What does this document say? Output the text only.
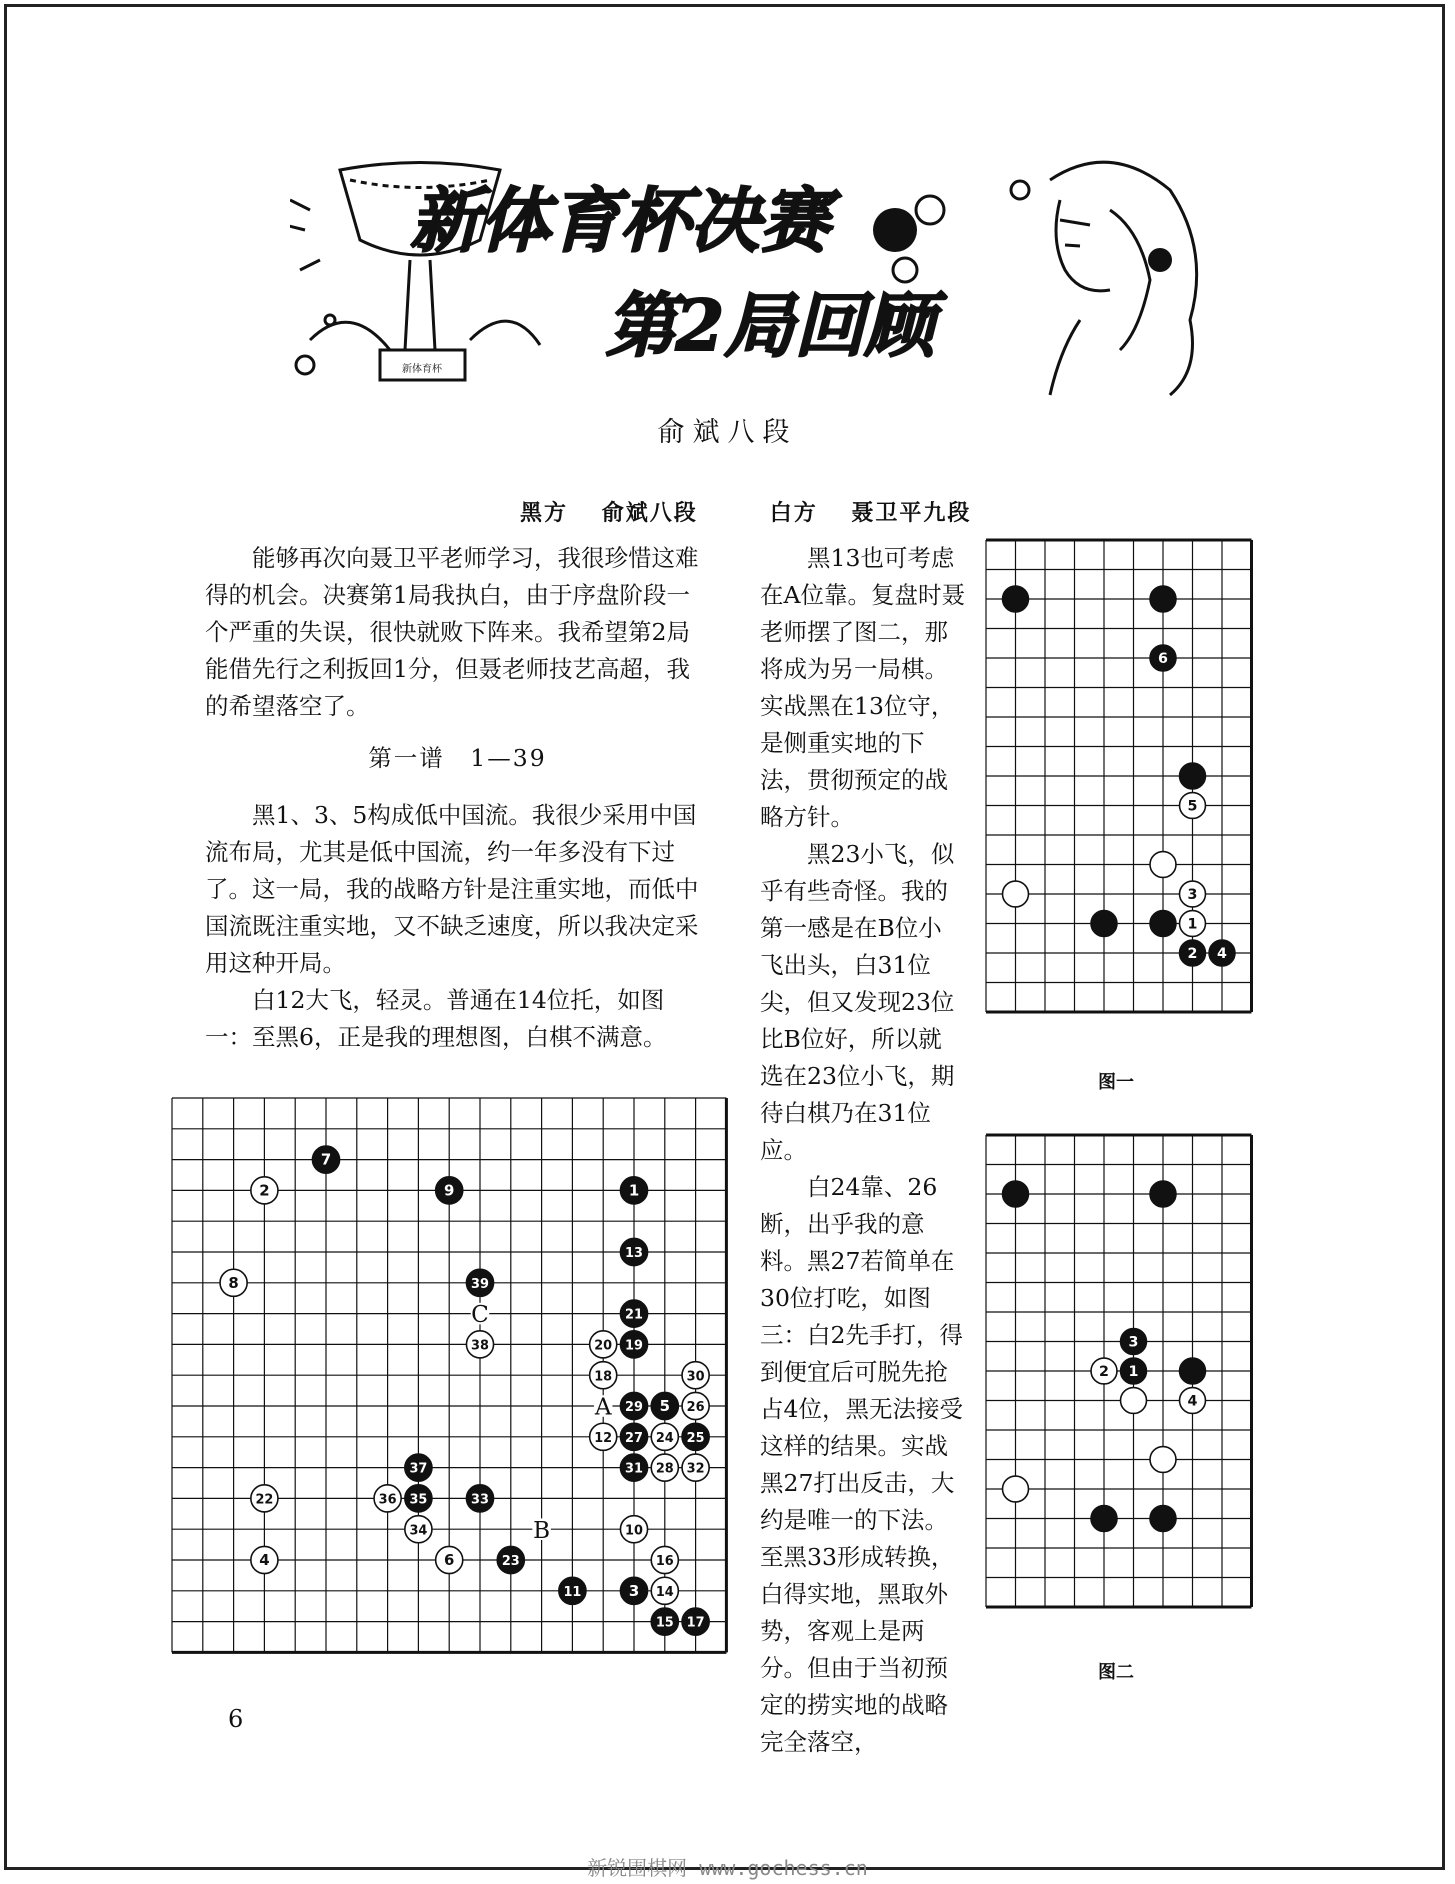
新体育杯
新体育杯决赛
第2局回顾
俞斌八段
黑方　 俞斌八段　　　	白方　 聂卫平九段

能够再次向聂卫平老师学习，我很珍惜这难得的机会。决赛第1局我执白，由于序盘阶段一个严重的失误，很快就败下阵来。我希望第2局能借先行之利扳回1分，但聂老师技艺高超，我的希望落空了。

第一谱　1—39

黑1、3、5构成低中国流。我很少采用中国流布局，尤其是低中国流，约一年多没有下过了。这一局，我的战略方针是注重实地，而低中国流既注重实地，又不缺乏速度，所以我决定采用这种开局。

白12大飞，轻灵。普通在14位托，如图一：至黑6，正是我的理想图，白棋不满意。

黑13也可考虑在A位靠。复盘时聂老师摆了图二，那将成为另一局棋。实战黑在13位守，是侧重实地的下法，贯彻预定的战略方针。

黑23小飞，似乎有些奇怪。我的第一感是在B位小飞出头，白31位尖，但又发现23位比B位好，所以就选在23位小飞，期待白棋乃在31位应。

白24靠、26断，出乎我的意料。黑27若简单在30位打吃，如图三：白2先手打，得到便宜后可脱先抢占4位，黑无法接受这样的结果。实战黑27打出反击，大约是唯一的下法。至黑33形成转换，白得实地，黑取外势，客观上是两分。但由于当初预定的捞实地的战略完全落空，

7
2	9	1
13
8	39
21
38	20 19
18	30
29 5 26
12 27 24 25
37	31 28 32
22	36 35	33
34	10
4	6	23	16
11	3 14
15 17
C
A
B
6
5
3
1
2 4
3
2 1
4
图一
图二
6
新锐围棋网 www.gochess.cn
